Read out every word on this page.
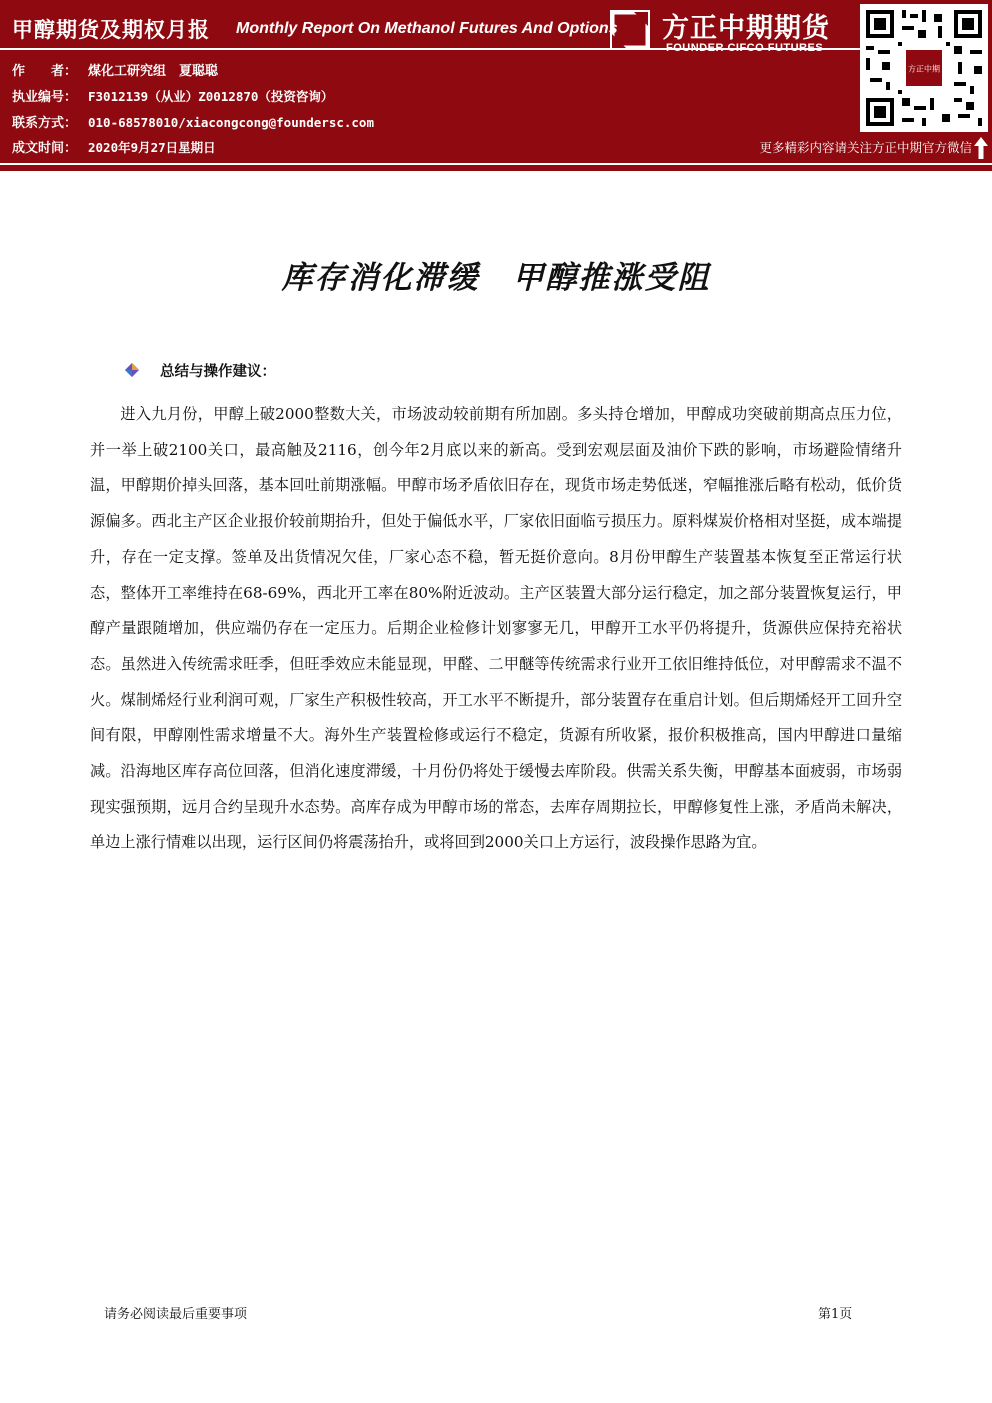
甲醇期货及期权月报 Monthly Report On Methanol Futures And Options 方正中期期货
FOUNDER CIFCO FUTURES
作　　者： 煤化工研究组　夏聪聪
执业编号： F3012139（从业）Z0012870（投资咨询）
联系方式： 010-68578010/xiacongcong@foundersc.com
成文时间： 2020年9月27日星期日
方正中期
更多精彩内容请关注方正中期官方微信
库存消化滞缓　甲醇推涨受阻
总结与操作建议：
进入九月份，甲醇上破2000整数大关，市场波动较前期有所加剧。多头持仓增加，甲醇成功突破前期高点压力位，并一举上破2100关口，最高触及2116，创今年2月底以来的新高。受到宏观层面及油价下跌的影响，市场避险情绪升温，甲醇期价掉头回落，基本回吐前期涨幅。甲醇市场矛盾依旧存在，现货市场走势低迷，窄幅推涨后略有松动，低价货源偏多。西北主产区企业报价较前期抬升，但处于偏低水平，厂家依旧面临亏损压力。原料煤炭价格相对坚挺，成本端提升，存在一定支撑。签单及出货情况欠佳，厂家心态不稳，暂无挺价意向。8月份甲醇生产装置基本恢复至正常运行状态，整体开工率维持在68-69%，西北开工率在80%附近波动。主产区装置大部分运行稳定，加之部分装置恢复运行，甲醇产量跟随增加，供应端仍存在一定压力。后期企业检修计划寥寥无几，甲醇开工水平仍将提升，货源供应保持充裕状态。虽然进入传统需求旺季，但旺季效应未能显现，甲醛、二甲醚等传统需求行业开工依旧维持低位，对甲醇需求不温不火。煤制烯烃行业利润可观，厂家生产积极性较高，开工水平不断提升，部分装置存在重启计划。但后期烯烃开工回升空间有限，甲醇刚性需求增量不大。海外生产装置检修或运行不稳定，货源有所收紧，报价积极推高，国内甲醇进口量缩减。沿海地区库存高位回落，但消化速度滞缓，十月份仍将处于缓慢去库阶段。供需关系失衡，甲醇基本面疲弱，市场弱现实强预期，远月合约呈现升水态势。高库存成为甲醇市场的常态，去库存周期拉长，甲醇修复性上涨，矛盾尚未解决，单边上涨行情难以出现，运行区间仍将震荡抬升，或将回到2000关口上方运行，波段操作思路为宜。
请务必阅读最后重要事项	第1页
